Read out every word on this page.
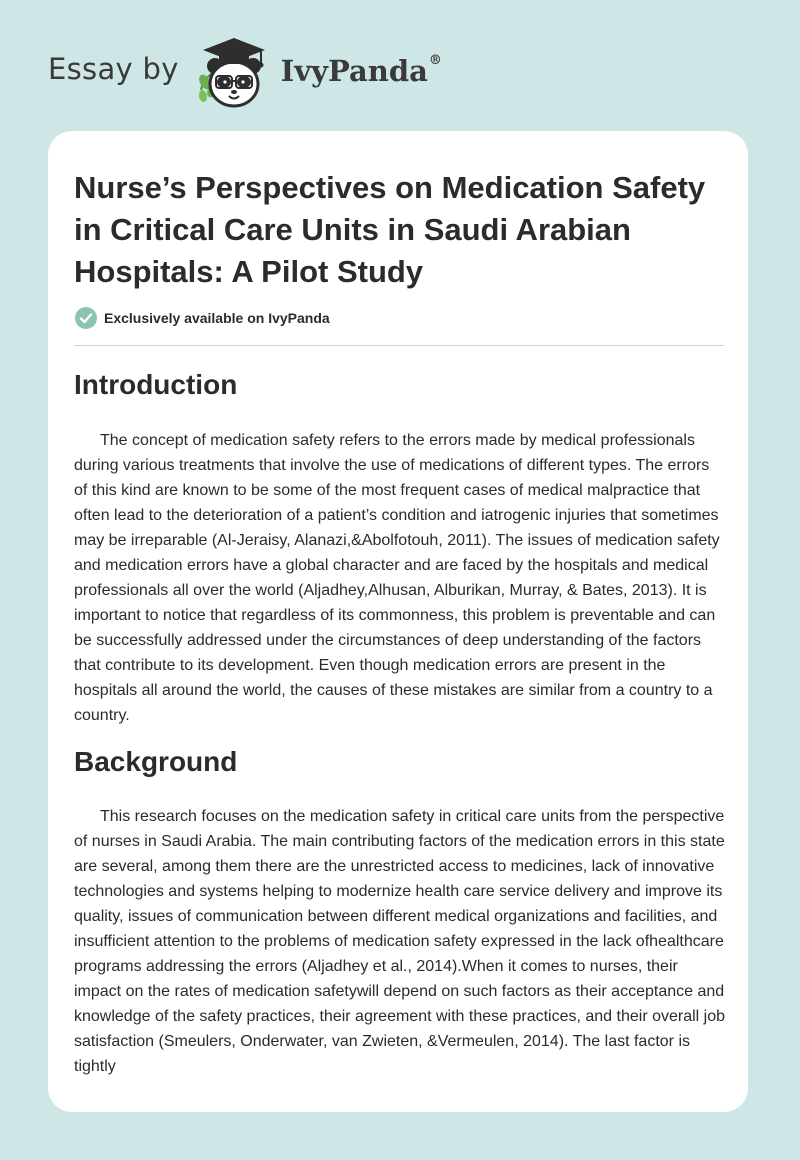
Essay by	IvyPanda®
Nurse’s Perspectives on Medication Safety in Critical Care Units in Saudi Arabian Hospitals: A Pilot Study
Exclusively available on IvyPanda
Introduction

The concept of medication safety refers to the errors made by medical professionals during various treatments that involve the use of medications of different types. The errors of this kind are known to be some of the most frequent cases of medical malpractice that often lead to the deterioration of a patient’s condition and iatrogenic injuries that sometimes may be irreparable (Al-Jeraisy, Alanazi,&Abolfotouh, 2011). The issues of medication safety and medication errors have a global character and are faced by the hospitals and medical professionals all over the world (Aljadhey,Alhusan, Alburikan, Murray, & Bates, 2013). It is important to notice that regardless of its commonness, this problem is preventable and can be successfully addressed under the circumstances of deep understanding of the factors that contribute to its development. Even though medication errors are present in the hospitals all around the world, the causes of these mistakes are similar from a country to a country.

Background

This research focuses on the medication safety in critical care units from the perspective of nurses in Saudi Arabia. The main contributing factors of the medication errors in this state are several, among them there are the unrestricted access to medicines, lack of innovative technologies and systems helping to modernize health care service delivery and improve its quality, issues of communication between different medical organizations and facilities, and insufficient attention to the problems of medication safety expressed in the lack ofhealthcare programs addressing the errors (Aljadhey et al., 2014).When it comes to nurses, their impact on the rates of medication safetywill depend on such factors as their acceptance and knowledge of the safety practices, their agreement with these practices, and their overall job satisfaction (Smeulers, Onderwater, van Zwieten, &Vermeulen, 2014). The last factor is tightly
